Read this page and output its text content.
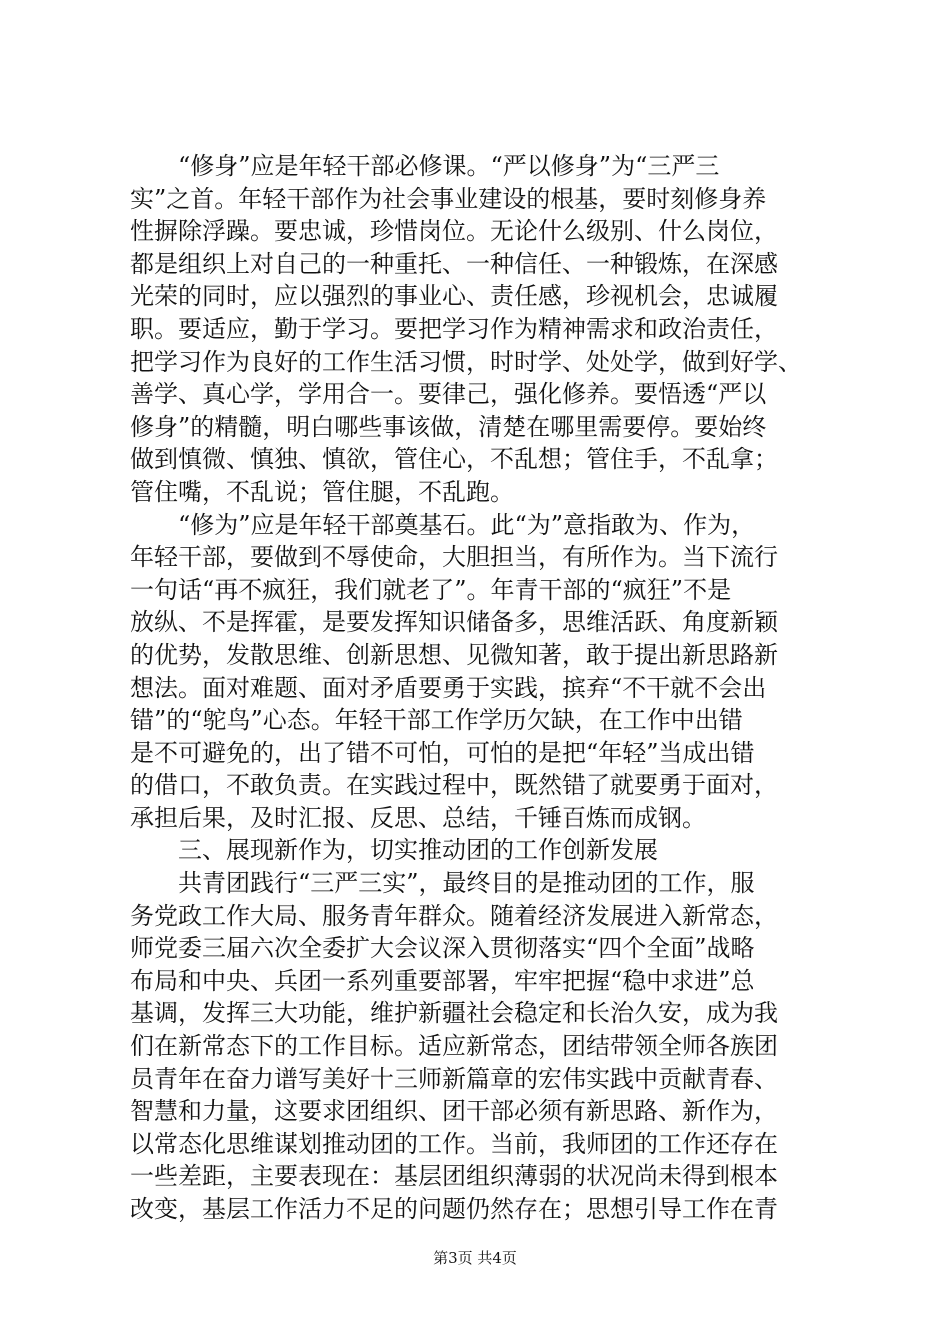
“修身”应是年轻干部必修课。“严以修身”为“三严三
实”之首。年轻干部作为社会事业建设的根基，要时刻修身养
性摒除浮躁。要忠诚，珍惜岗位。无论什么级别、什么岗位，
都是组织上对自己的一种重托、一种信任、一种锻炼，在深感
光荣的同时，应以强烈的事业心、责任感，珍视机会，忠诚履
职。要适应，勤于学习。要把学习作为精神需求和政治责任，
把学习作为良好的工作生活习惯，时时学、处处学，做到好学、
善学、真心学，学用合一。要律己，强化修养。要悟透“严以
修身”的精髓，明白哪些事该做，清楚在哪里需要停。要始终
做到慎微、慎独、慎欲，管住心，不乱想；管住手，不乱拿；
管住嘴，不乱说；管住腿，不乱跑。
“修为”应是年轻干部奠基石。此“为”意指敢为、作为，
年轻干部，要做到不辱使命，大胆担当，有所作为。当下流行
一句话“再不疯狂，我们就老了”。年青干部的“疯狂”不是
放纵、不是挥霍，是要发挥知识储备多，思维活跃、角度新颖
的优势，发散思维、创新思想、见微知著，敢于提出新思路新
想法。面对难题、面对矛盾要勇于实践，摈弃“不干就不会出
错”的“鸵鸟”心态。年轻干部工作学历欠缺，在工作中出错
是不可避免的，出了错不可怕，可怕的是把“年轻”当成出错
的借口，不敢负责。在实践过程中，既然错了就要勇于面对，
承担后果，及时汇报、反思、总结，千锤百炼而成钢。
三、展现新作为，切实推动团的工作创新发展
共青团践行“三严三实”，最终目的是推动团的工作，服
务党政工作大局、服务青年群众。随着经济发展进入新常态，
师党委三届六次全委扩大会议深入贯彻落实“四个全面”战略
布局和中央、兵团一系列重要部署，牢牢把握“稳中求进”总
基调，发挥三大功能，维护新疆社会稳定和长治久安，成为我
们在新常态下的工作目标。适应新常态，团结带领全师各族团
员青年在奋力谱写美好十三师新篇章的宏伟实践中贡献青春、
智慧和力量，这要求团组织、团干部必须有新思路、新作为，
以常态化思维谋划推动团的工作。当前，我师团的工作还存在
一些差距，主要表现在：基层团组织薄弱的状况尚未得到根本
改变，基层工作活力不足的问题仍然存在；思想引导工作在青
第3页 共4页
